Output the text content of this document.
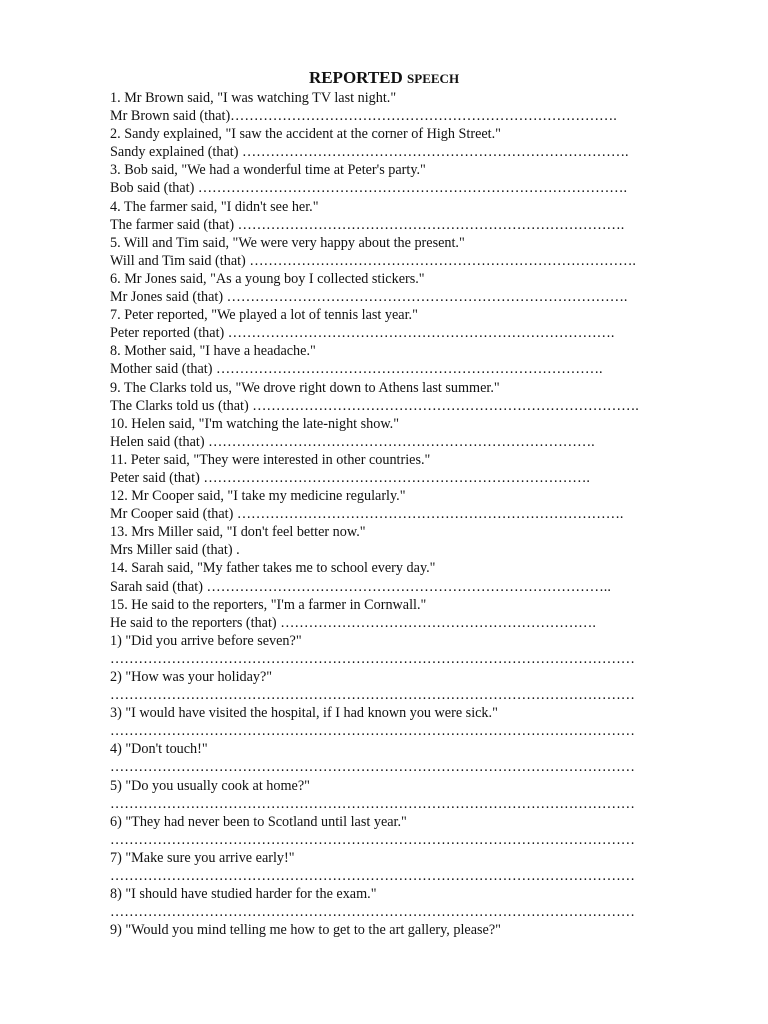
REPORTED SPEECH
1. Mr Brown said, "I was watching TV last night."
Mr Brown said (that)……………………………………………………………………….
2. Sandy explained, "I saw the accident at the corner of High Street."
Sandy explained (that) ……………………………………………………………………….
3. Bob said, "We had a wonderful time at Peter's party."
Bob said (that) ……………………………………………………………………………….
4. The farmer said, "I didn't see her."
The farmer said (that) ……………………………………………………………………….
5. Will and Tim said, "We were very happy about the present."
Will and Tim said (that) ……………………………………………………………………….
6. Mr Jones said, "As a young boy I collected stickers."
Mr Jones said (that) ………………………………………………………………………….
7. Peter reported, "We played a lot of tennis last year."
Peter reported (that) ……………………………………………………………………….
8. Mother said, "I have a headache."
Mother said (that) ……………………………………………………………………….
9. The Clarks told us, "We drove right down to Athens last summer."
The Clarks told us (that) ……………………………………………………………………….
10. Helen said, "I'm watching the late-night show."
Helen said (that) ……………………………………………………………………….
11. Peter said, "They were interested in other countries."
Peter said (that) ……………………………………………………………………….
12. Mr Cooper said, "I take my medicine regularly."
Mr Cooper said (that) ……………………………………………………………………….
13. Mrs Miller said, "I don't feel better now."
Mrs Miller said (that) .
14. Sarah said, "My father takes me to school every day."
Sarah said (that) …………………………………………………………………………..
15. He said to the reporters, "I'm a farmer in Cornwall."
He said to the reporters (that) ………………………………………………………….
1) "Did you arrive before seven?"
…………………………………………………………………………………………………
2) "How was your holiday?"
…………………………………………………………………………………………………
3) "I would have visited the hospital, if I had known you were sick."
…………………………………………………………………………………………………
4) "Don't touch!"
…………………………………………………………………………………………………
5) "Do you usually cook at home?"
…………………………………………………………………………………………………
6) "They had never been to Scotland until last year."
…………………………………………………………………………………………………
7) "Make sure you arrive early!"
…………………………………………………………………………………………………
8) "I should have studied harder for the exam."
…………………………………………………………………………………………………
9) "Would you mind telling me how to get to the art gallery, please?"
